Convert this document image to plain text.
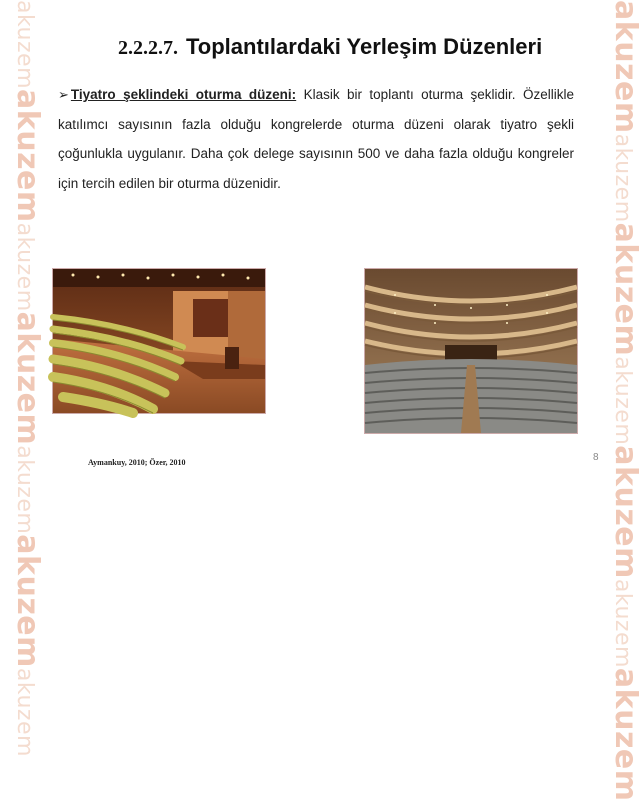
akuzemakuzemakuzemakuzemakuzemakuzemakuzem
akuzemakuzemakuzemakuzemakuzemakuzemakuzem
2.2.2.7. Toplantılardaki Yerleşim Düzenleri
➢ Tiyatro şeklindeki oturma düzeni: Klasik bir toplantı oturma şeklidir. Özellikle katılımcı sayısının fazla olduğu kongrelerde oturma düzeni olarak tiyatro şekli çoğunlukla uygulanır. Daha çok delege sayısının 500 ve daha fazla olduğu kongreler için tercih edilen bir oturma düzenidir.
Aymankuy, 2010; Özer, 2010	8
